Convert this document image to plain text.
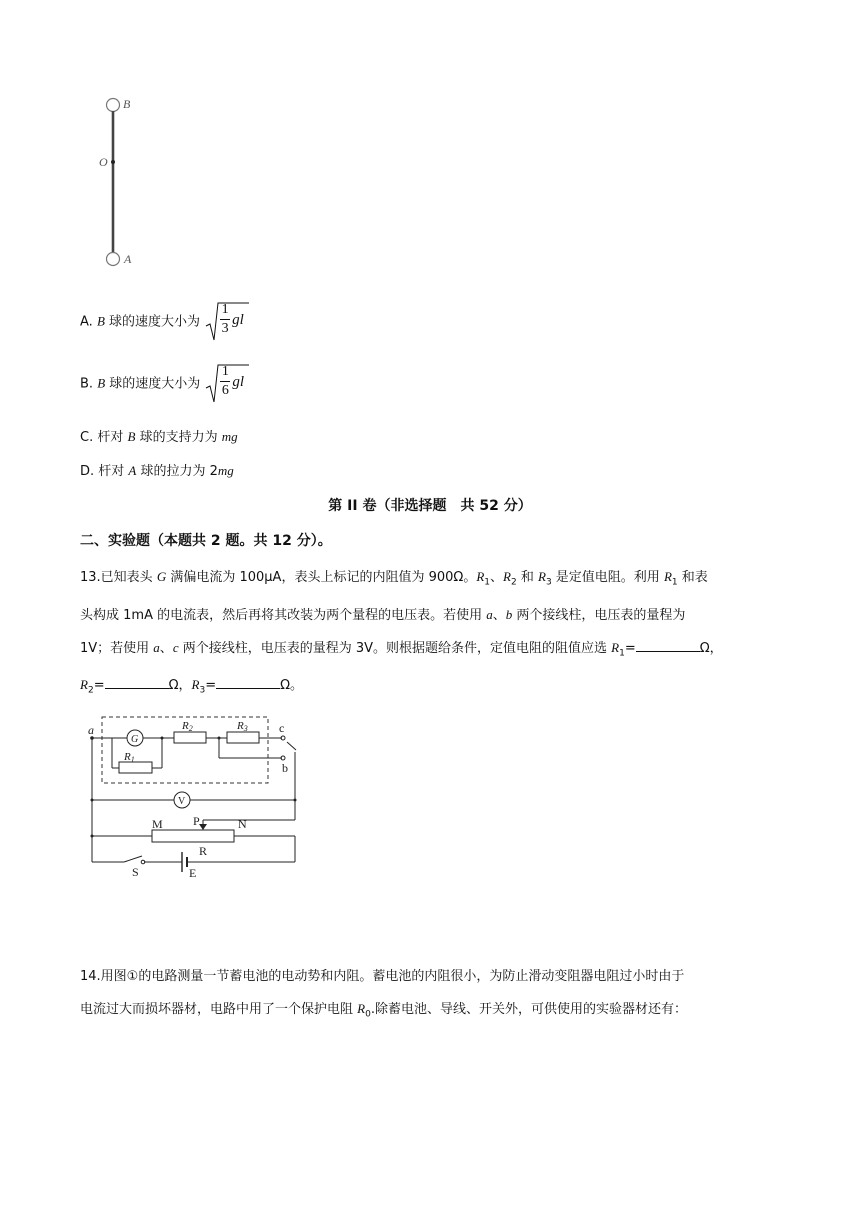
B
O
A
A. B 球的速度大小为
1
3
gl
B. B 球的速度大小为
1
6
gl
C. 杆对 B 球的支持力为 mg
D. 杆对 A 球的拉力为 2mg
第 II 卷（非选择题　共 52 分）
二、实验题（本题共 2 题。共 12 分）。
13.已知表头 G 满偏电流为 100μA，表头上标记的内阻值为 900Ω。$R_1$、$R_2$ 和 $R_3$ 是定值电阻。利用 $R_1$ 和表
头构成 1mA 的电流表，然后再将其改装为两个量程的电压表。若使用 a、b 两个接线柱，电压表的量程为
1V；若使用 a、c 两个接线柱，电压表的量程为 3V。则根据题给条件，定值电阻的阻值应选 $R_1=$	Ω，
$R_2=$	Ω，$R_3=$	Ω。
a
G
R1
R2	R3	c
b
V
M	P	N
R
S	E
14.用图①的电路测量一节蓄电池的电动势和内阻。蓄电池的内阻很小，为防止滑动变阻器电阻过小时由于
电流过大而损坏器材，电路中用了一个保护电阻 $R_0$.除蓄电池、导线、开关外，可供使用的实验器材还有：
